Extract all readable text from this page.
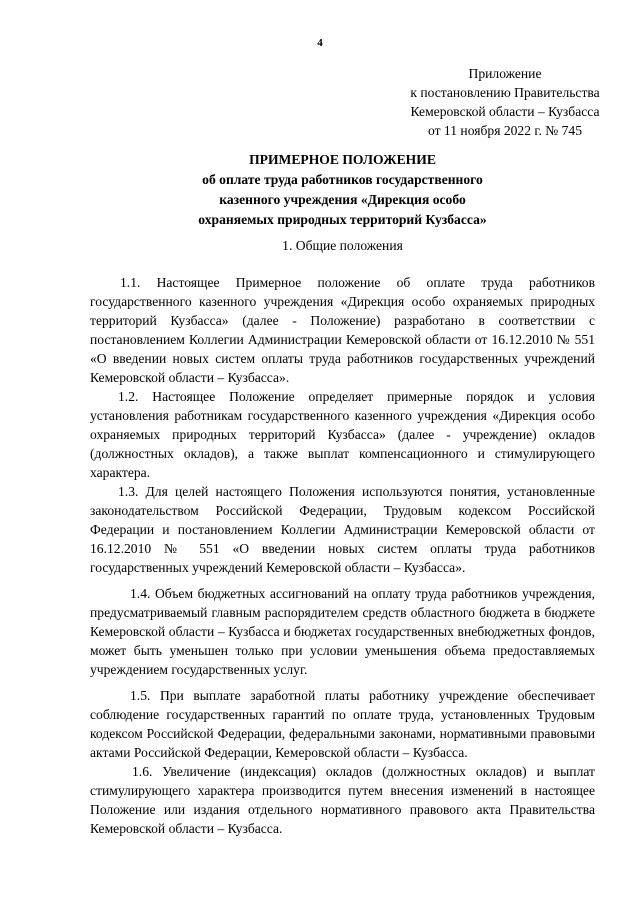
4
Приложение
к постановлению Правительства
Кемеровской области – Кузбасса
от 11 ноября 2022 г. № 745
ПРИМЕРНОЕ ПОЛОЖЕНИЕ
об оплате труда работников государственного
казенного учреждения «Дирекция особо
охраняемых природных территорий Кузбасса»
1. Общие положения

1.1. Настоящее Примерное положение об оплате труда работников государственного казенного учреждения «Дирекция особо охраняемых природных территорий Кузбасса» (далее - Положение) разработано в соответствии с постановлением Коллегии Администрации Кемеровской области от 16.12.2010 № 551 «О введении новых систем оплаты труда работников государственных учреждений Кемеровской области – Кузбасса».

1.2. Настоящее Положение определяет примерные порядок и условия установления работникам государственного казенного учреждения «Дирекция особо охраняемых природных территорий Кузбасса» (далее - учреждение) окладов (должностных окладов), а также выплат компенсационного и стимулирующего характера.

1.3. Для целей настоящего Положения используются понятия, установленные законодательством Российской Федерации, Трудовым кодексом Российской Федерации и постановлением Коллегии Администрации Кемеровской области от 16.12.2010 № 551 «О введении новых систем оплаты труда работников государственных учреждений Кемеровской области – Кузбасса».

1.4. Объем бюджетных ассигнований на оплату труда работников учреждения, предусматриваемый главным распорядителем средств областного бюджета в бюджете Кемеровской области – Кузбасса и бюджетах государственных внебюджетных фондов, может быть уменьшен только при условии уменьшения объема предоставляемых учреждением государственных услуг.

1.5. При выплате заработной платы работнику учреждение обеспечивает соблюдение государственных гарантий по оплате труда, установленных Трудовым кодексом Российской Федерации, федеральными законами, нормативными правовыми актами Российской Федерации, Кемеровской области – Кузбасса.

1.6. Увеличение (индексация) окладов (должностных окладов) и выплат стимулирующего характера производится путем внесения изменений в настоящее Положение или издания отдельного нормативного правового акта Правительства Кемеровской области – Кузбасса.
